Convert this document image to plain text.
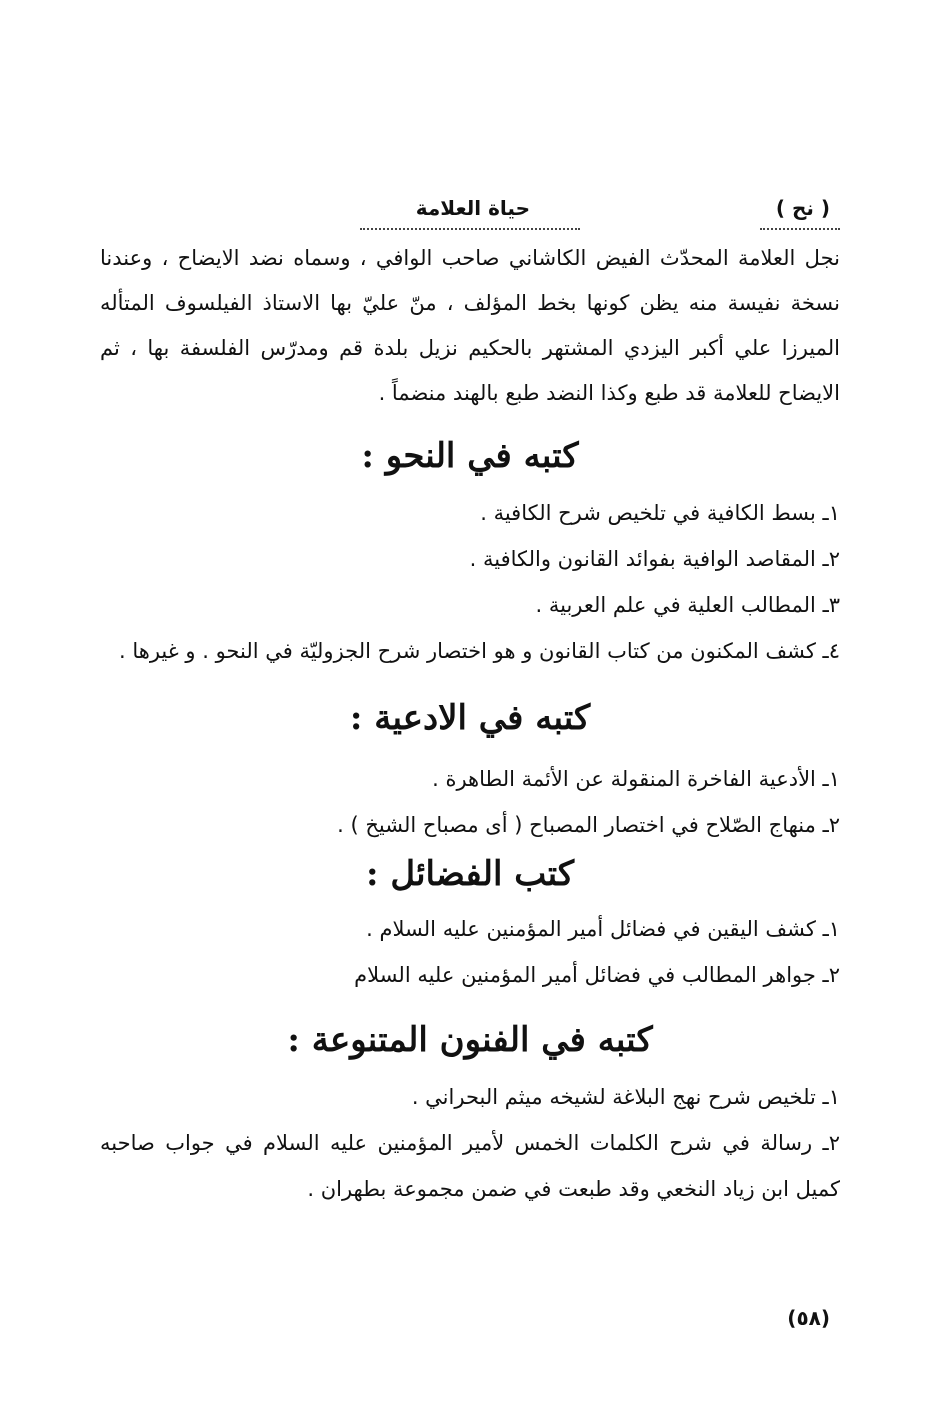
( نح )
حياة العلامة

نجل العلامة المحدّث الفيض الكاشاني صاحب الوافي ، وسماه نضد الايضاح ، وعندنا نسخة نفيسة منه يظن كونها بخط المؤلف ، منّ عليّ بها الاستاذ الفيلسوف المتأله الميرزا علي أكبر اليزدي المشتهر بالحكيم نزيل بلدة قم ومدرّس الفلسفة بها ، ثم الايضاح للعلامة قد طبع وكذا النضد طبع بالهند منضماً .

كتبه في النحو :
١ـ بسط الكافية في تلخيص شرح الكافية .
٢ـ المقاصد الوافية بفوائد القانون والكافية .
٣ـ المطالب العلية في علم العربية .
٤ـ كشف المكنون من كتاب القانون و هو اختصار شرح الجزوليّة في النحو . و غيرها .
كتبه في الادعية :
١ـ الأدعية الفاخرة المنقولة عن الأئمة الطاهرة .
٢ـ منهاج الصّلاح في اختصار المصباح ( أى مصباح الشيخ ) .
كتب الفضائل :
١ـ كشف اليقين في فضائل أمير المؤمنين عليه السلام .
٢ـ جواهر المطالب في فضائل أمير المؤمنين عليه السلام
كتبه في الفنون المتنوعة :
١ـ تلخيص شرح نهج البلاغة لشيخه ميثم البحراني .
٢ـ رسالة في شرح الكلمات الخمس لأمير المؤمنين عليه السلام في جواب صاحبه كميل ابن زياد النخعي وقد طبعت في ضمن مجموعة بطهران .
(٥٨)
